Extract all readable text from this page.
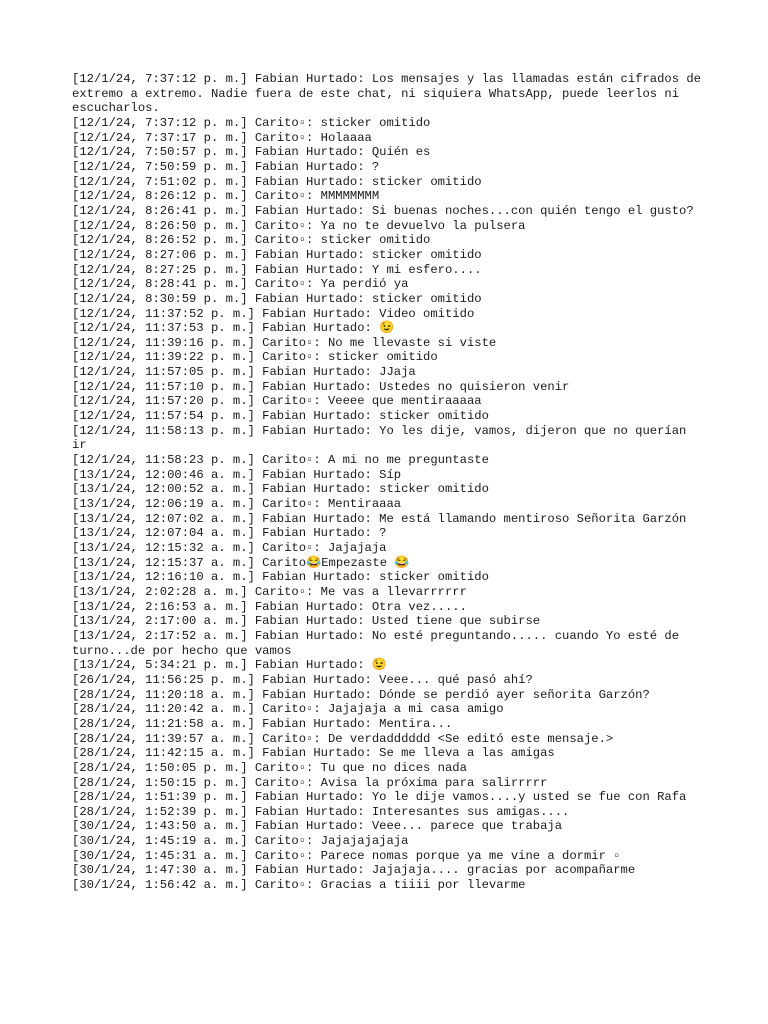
[12/1/24, 7:37:12 p. m.] Fabian Hurtado: Los mensajes y las llamadas están cifrados de extremo a extremo. Nadie fuera de este chat, ni siquiera WhatsApp, puede leerlos ni escucharlos.
[12/1/24, 7:37:12 p. m.] Carito▫: sticker omitido
[12/1/24, 7:37:17 p. m.] Carito▫: Holaaaa
[12/1/24, 7:50:57 p. m.] Fabian Hurtado: Quién es
[12/1/24, 7:50:59 p. m.] Fabian Hurtado: ?
[12/1/24, 7:51:02 p. m.] Fabian Hurtado: sticker omitido
[12/1/24, 8:26:12 p. m.] Carito▫: MMMMMMMM
[12/1/24, 8:26:41 p. m.] Fabian Hurtado: Si buenas noches...con quién tengo el gusto?
[12/1/24, 8:26:50 p. m.] Carito▫: Ya no te devuelvo la pulsera
[12/1/24, 8:26:52 p. m.] Carito▫: sticker omitido
[12/1/24, 8:27:06 p. m.] Fabian Hurtado: sticker omitido
[12/1/24, 8:27:25 p. m.] Fabian Hurtado: Y mi esfero....
[12/1/24, 8:28:41 p. m.] Carito▫: Ya perdió ya
[12/1/24, 8:30:59 p. m.] Fabian Hurtado: sticker omitido
[12/1/24, 11:37:52 p. m.] Fabian Hurtado: Video omitido
[12/1/24, 11:37:53 p. m.] Fabian Hurtado: 😉
[12/1/24, 11:39:16 p. m.] Carito▫: No me llevaste si viste
[12/1/24, 11:39:22 p. m.] Carito▫: sticker omitido
[12/1/24, 11:57:05 p. m.] Fabian Hurtado: JJaja
[12/1/24, 11:57:10 p. m.] Fabian Hurtado: Ustedes no quisieron venir
[12/1/24, 11:57:20 p. m.] Carito▫: Veeee que mentiraaaaa
[12/1/24, 11:57:54 p. m.] Fabian Hurtado: sticker omitido
[12/1/24, 11:58:13 p. m.] Fabian Hurtado: Yo les dije, vamos, dijeron que no querían ir
[12/1/24, 11:58:23 p. m.] Carito▫: A mi no me preguntaste
[13/1/24, 12:00:46 a. m.] Fabian Hurtado: Síp
[13/1/24, 12:00:52 a. m.] Fabian Hurtado: sticker omitido
[13/1/24, 12:06:19 a. m.] Carito▫: Mentiraaaa
[13/1/24, 12:07:02 a. m.] Fabian Hurtado: Me está llamando mentiroso Señorita Garzón
[13/1/24, 12:07:04 a. m.] Fabian Hurtado: ?
[13/1/24, 12:15:32 a. m.] Carito▫: Jajajaja
[13/1/24, 12:15:37 a. m.] Carito😂Empezaste 😂
[13/1/24, 12:16:10 a. m.] Fabian Hurtado: sticker omitido
[13/1/24, 2:02:28 a. m.] Carito▫: Me vas a llevarrrrrr
[13/1/24, 2:16:53 a. m.] Fabian Hurtado: Otra vez.....
[13/1/24, 2:17:00 a. m.] Fabian Hurtado: Usted tiene que subirse
[13/1/24, 2:17:52 a. m.] Fabian Hurtado: No esté preguntando..... cuando Yo esté de turno...de por hecho que vamos
[13/1/24, 5:34:21 p. m.] Fabian Hurtado: 😉
[26/1/24, 11:56:25 p. m.] Fabian Hurtado: Veee... qué pasó ahí?
[28/1/24, 11:20:18 a. m.] Fabian Hurtado: Dónde se perdió ayer señorita Garzón?
[28/1/24, 11:20:42 a. m.] Carito▫: Jajajaja a mi casa amigo
[28/1/24, 11:21:58 a. m.] Fabian Hurtado: Mentira...
[28/1/24, 11:39:57 a. m.] Carito▫: De verdadddddd <Se editó este mensaje.>
[28/1/24, 11:42:15 a. m.] Fabian Hurtado: Se me lleva a las amigas
[28/1/24, 1:50:05 p. m.] Carito▫: Tu que no dices nada
[28/1/24, 1:50:15 p. m.] Carito▫: Avisa la próxima para salirrrrr
[28/1/24, 1:51:39 p. m.] Fabian Hurtado: Yo le dije vamos....y usted se fue con Rafa
[28/1/24, 1:52:39 p. m.] Fabian Hurtado: Interesantes sus amigas....
[30/1/24, 1:43:50 a. m.] Fabian Hurtado: Veee... parece que trabaja
[30/1/24, 1:45:19 a. m.] Carito▫: Jajajajajaja
[30/1/24, 1:45:31 a. m.] Carito▫: Parece nomas porque ya me vine a dormir ▫
[30/1/24, 1:47:30 a. m.] Fabian Hurtado: Jajajaja.... gracias por acompañarme
[30/1/24, 1:56:42 a. m.] Carito▫: Gracias a tiiii por llevarme
